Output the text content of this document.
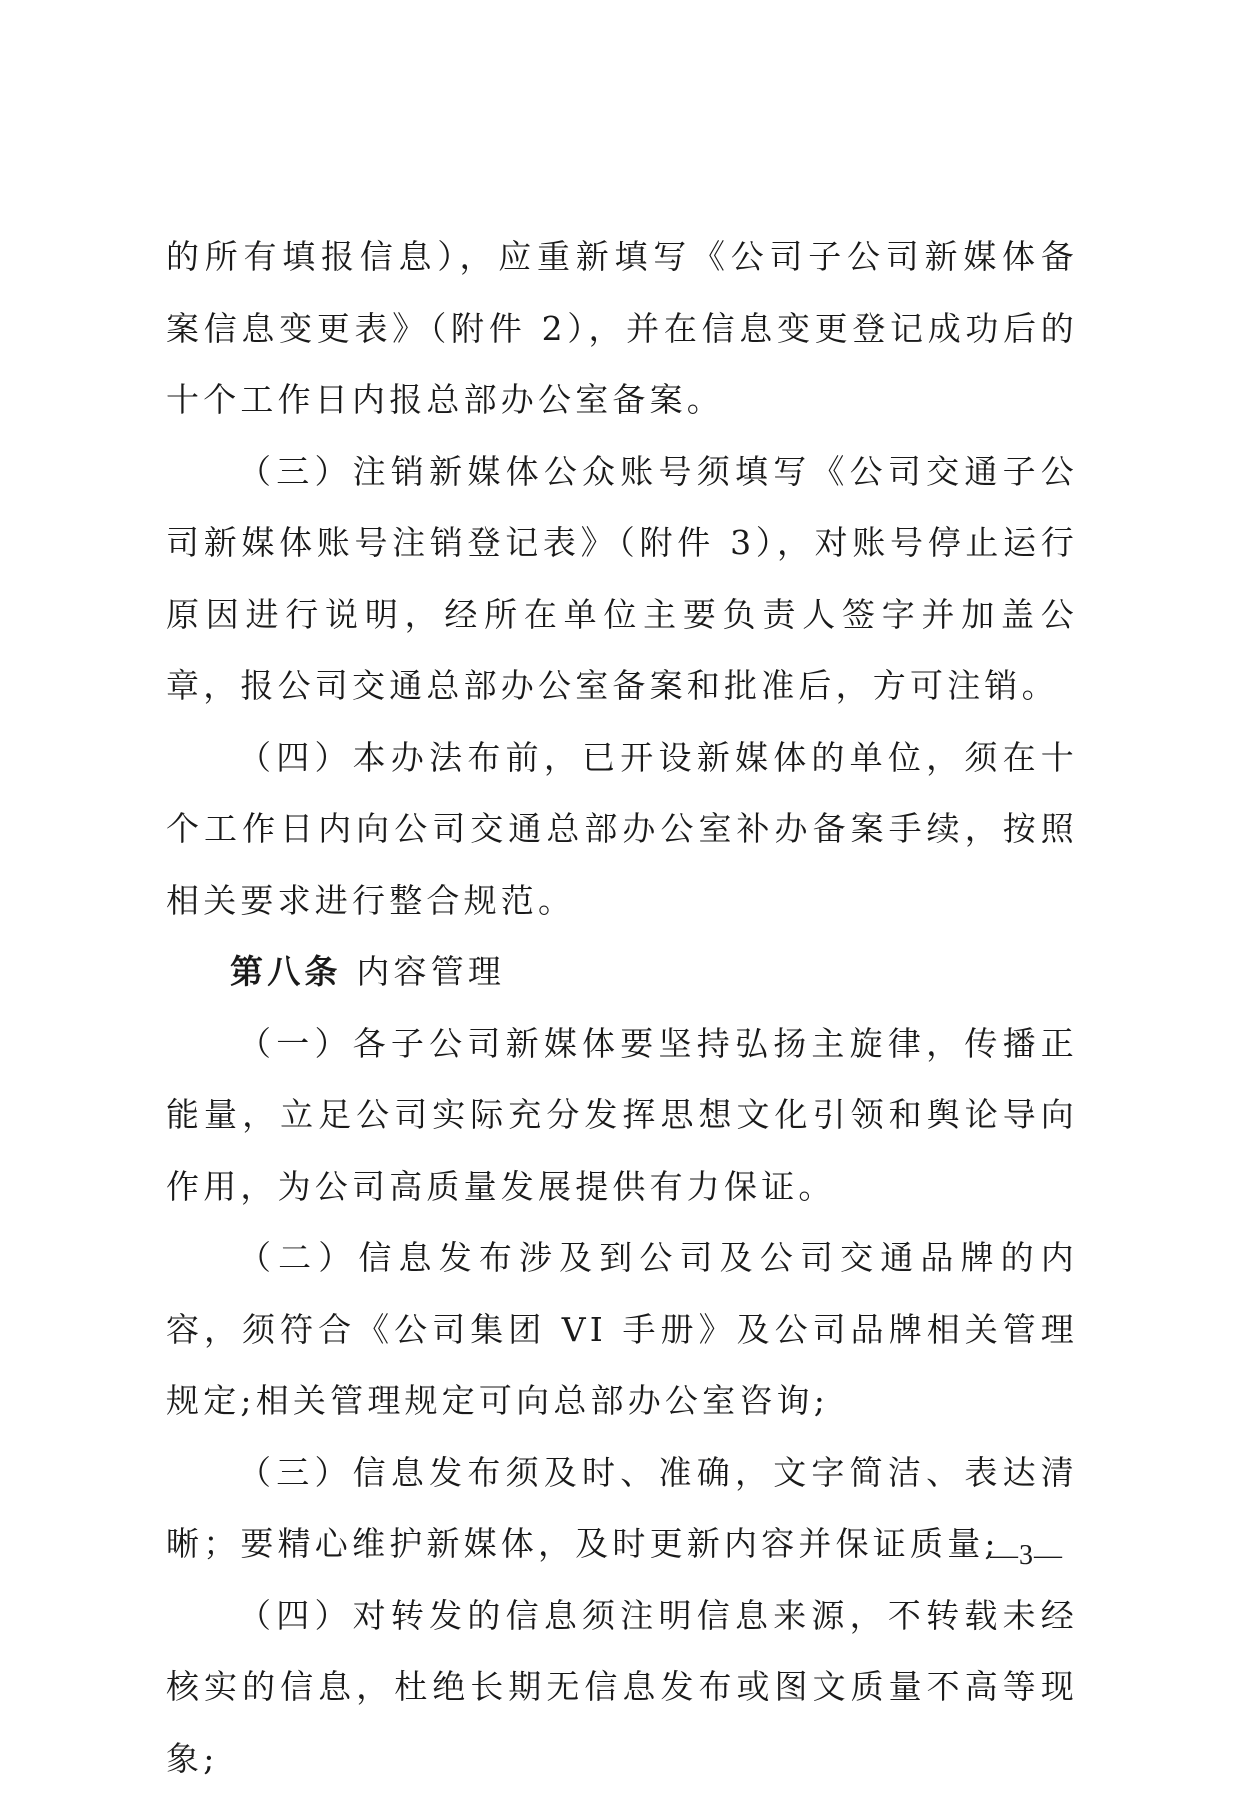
的所有填报信息），应重新填写《公司子公司新媒体备案信息变更表》（附件 2），并在信息变更登记成功后的十个工作日内报总部办公室备案。

（三）注销新媒体公众账号须填写《公司交通子公司新媒体账号注销登记表》（附件 3），对账号停止运行原因进行说明，经所在单位主要负责人签字并加盖公章，报公司交通总部办公室备案和批准后，方可注销。

（四）本办法布前，已开设新媒体的单位，须在十个工作日内向公司交通总部办公室补办备案手续，按照相关要求进行整合规范。

第八条 内容管理

（一）各子公司新媒体要坚持弘扬主旋律，传播正能量，立足公司实际充分发挥思想文化引领和舆论导向作用，为公司高质量发展提供有力保证。

（二）信息发布涉及到公司及公司交通品牌的内容，须符合《公司集团 VI 手册》及公司品牌相关管理规定;相关管理规定可向总部办公室咨询;

（三）信息发布须及时、准确，文字简洁、表达清晰；要精心维护新媒体，及时更新内容并保证质量;

（四）对转发的信息须注明信息来源，不转载未经核实的信息，杜绝长期无信息发布或图文质量不高等现象;

—3—
